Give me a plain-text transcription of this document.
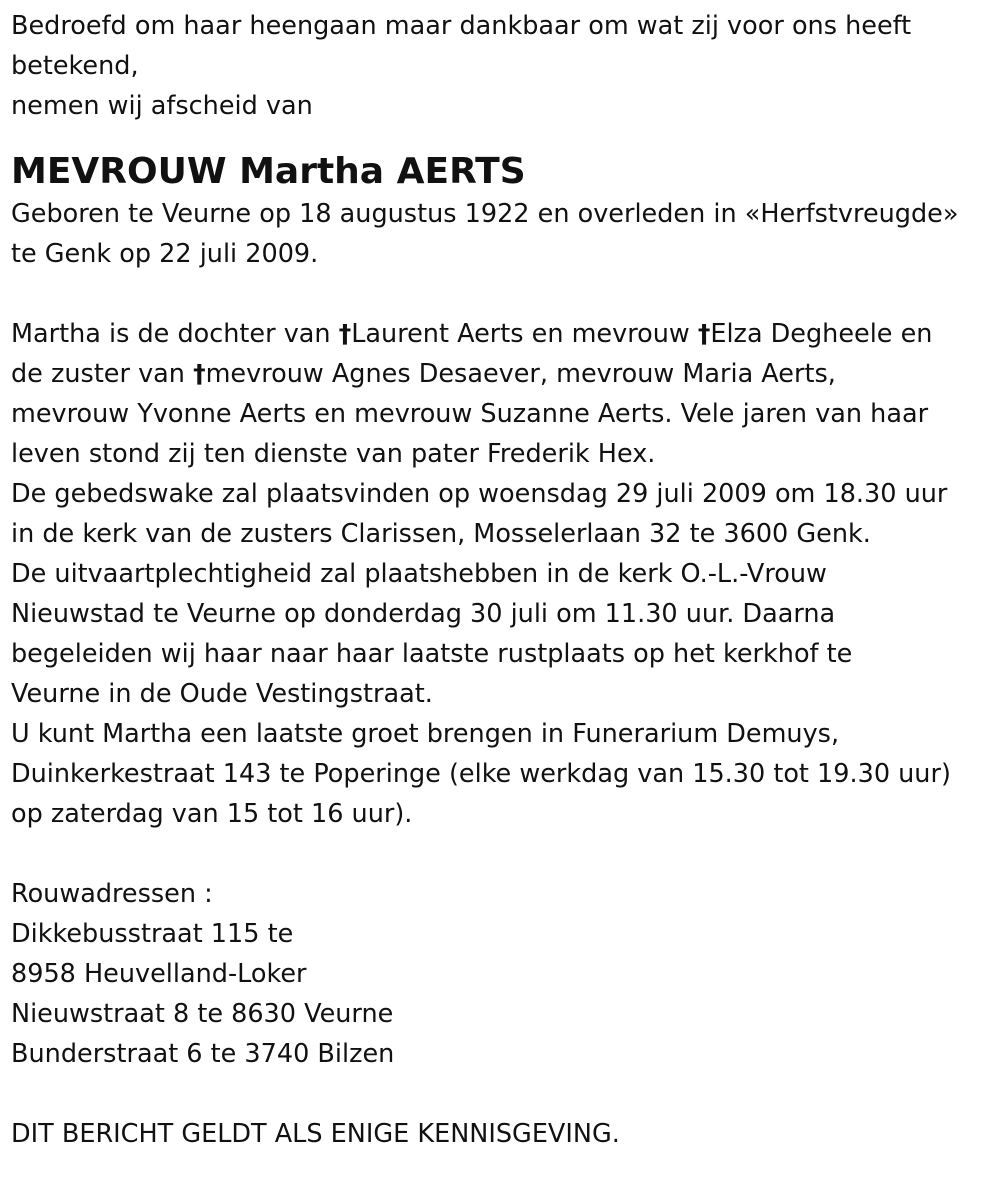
Bedroefd om haar heengaan maar dankbaar om wat zij voor ons heeft
betekend,
nemen wij afscheid van
MEVROUW Martha AERTS
Geboren te Veurne op 18 augustus 1922 en overleden in «Herfstvreugde»
te Genk op 22 juli 2009.
Martha is de dochter van †Laurent Aerts en mevrouw †Elza Degheele en
de zuster van †mevrouw Agnes Desaever, mevrouw Maria Aerts,
mevrouw Yvonne Aerts en mevrouw Suzanne Aerts. Vele jaren van haar
leven stond zij ten dienste van pater Frederik Hex.
De gebedswake zal plaatsvinden op woensdag 29 juli 2009 om 18.30 uur
in de kerk van de zusters Clarissen, Mosselerlaan 32 te 3600 Genk.
De uitvaartplechtigheid zal plaatshebben in de kerk O.-L.-Vrouw
Nieuwstad te Veurne op donderdag 30 juli om 11.30 uur. Daarna
begeleiden wij haar naar haar laatste rustplaats op het kerkhof te
Veurne in de Oude Vestingstraat.
U kunt Martha een laatste groet brengen in Funerarium Demuys,
Duinkerkestraat 143 te Poperinge (elke werkdag van 15.30 tot 19.30 uur)
op zaterdag van 15 tot 16 uur).
Rouwadressen :
Dikkebusstraat 115 te
8958 Heuvelland-Loker
Nieuwstraat 8 te 8630 Veurne
Bunderstraat 6 te 3740 Bilzen
DIT BERICHT GELDT ALS ENIGE KENNISGEVING.
